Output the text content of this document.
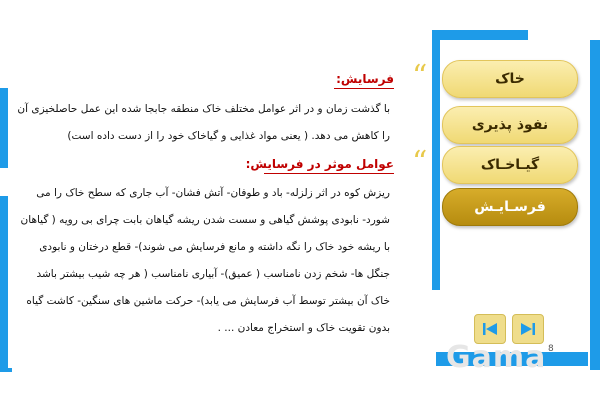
فرسایش:
با گذشت زمان و در اثر عوامل مختلف خاک منطقه جابجا شده این عمل حاصلخیزی آن
را کاهش می دهد. ( یعنی مواد غذایی و گیاخاک خود را از دست داده است)
عوامل موثر در فرسایش:
ریزش کوه در اثر زلزله- باد و طوفان- آتش فشان- آب جاری که سطح خاک را می
شورد- نابودی پوشش گیاهی و سست شدن ریشه گیاهان بابت چرای بی رویه ( گیاهان
با ریشه خود خاک را نگه داشته و مانع فرسایش می شوند)- قطع درختان و نابودی
جنگل ها- شخم زدن نامناسب ( عمیق)- آبیاری نامناسب ( هر چه شیب بیشتر باشد
خاک آن بیشتر توسط آب فرسایش می یابد)- حرکت ماشین های سنگین- کاشت گیاه
بدون تقویت خاک و استخراج معادن ... .
“
“
خاک
نفوذ پذیری
گیـاخـاک
فرسـایـش
8
Gama
